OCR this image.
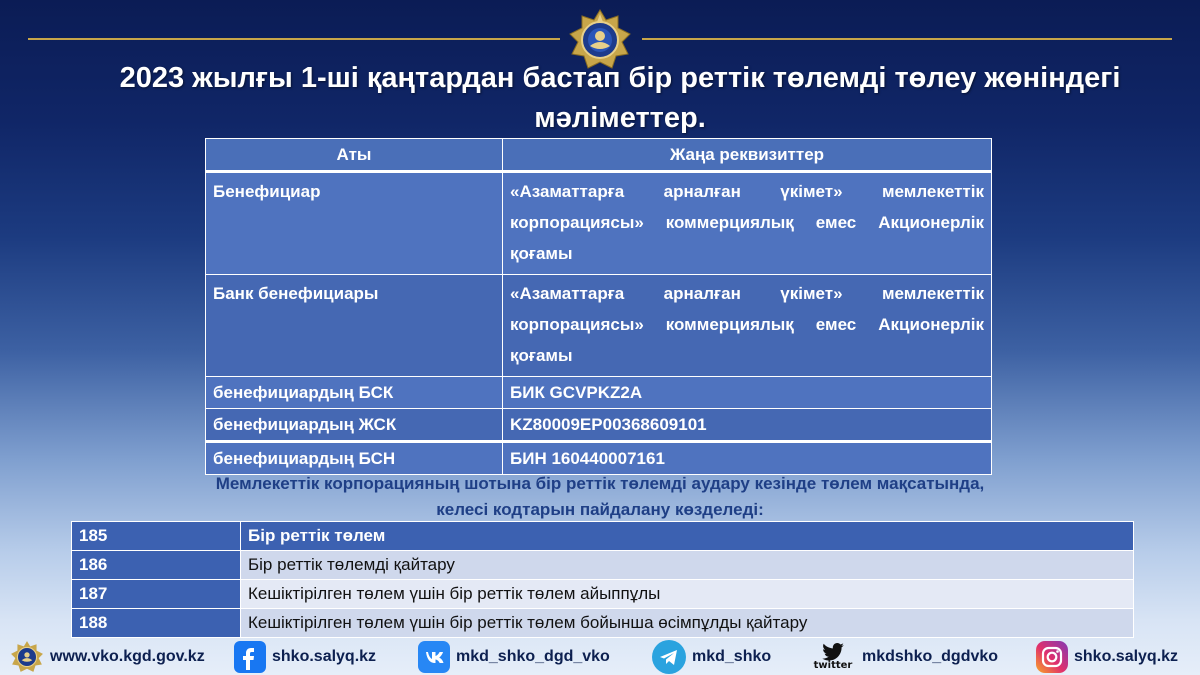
2023 жылғы 1-ші қаңтардан бастап бір реттік төлемді төлеу жөніндегі мәліметтер.
Аты	Жаңа реквизиттер
Бенефициар	«Азаматтарға арналған үкімет» мемлекеттік корпорациясы» коммерциялық емес Акционерлік қоғамы
Банк бенефициары	«Азаматтарға арналған үкімет» мемлекеттік корпорациясы» коммерциялық емес Акционерлік қоғамы
бенефициардың БСК	БИК GCVPKZ2A
бенефициардың ЖСК	KZ80009EP00368609101
бенефициардың БСН	БИН 160440007161
Мемлекеттік корпорацияның шотына бір реттік төлемді аудару кезінде төлем мақсатында,
келесі кодтарын пайдалану көзделеді:
185	Бір реттік төлем
186	Бір реттік төлемді қайтару
187	Кешіктірілген төлем үшін бір реттік төлем айыппұлы
188	Кешіктірілген төлем үшін бір реттік төлем бойынша өсімпұлды қайтару
www.vko.kgd.gov.kz	shko.salyq.kz	mkd_shko_dgd_vko	mkd_shko
twitter
mkdshko_dgdvko	shko.salyq.kz
